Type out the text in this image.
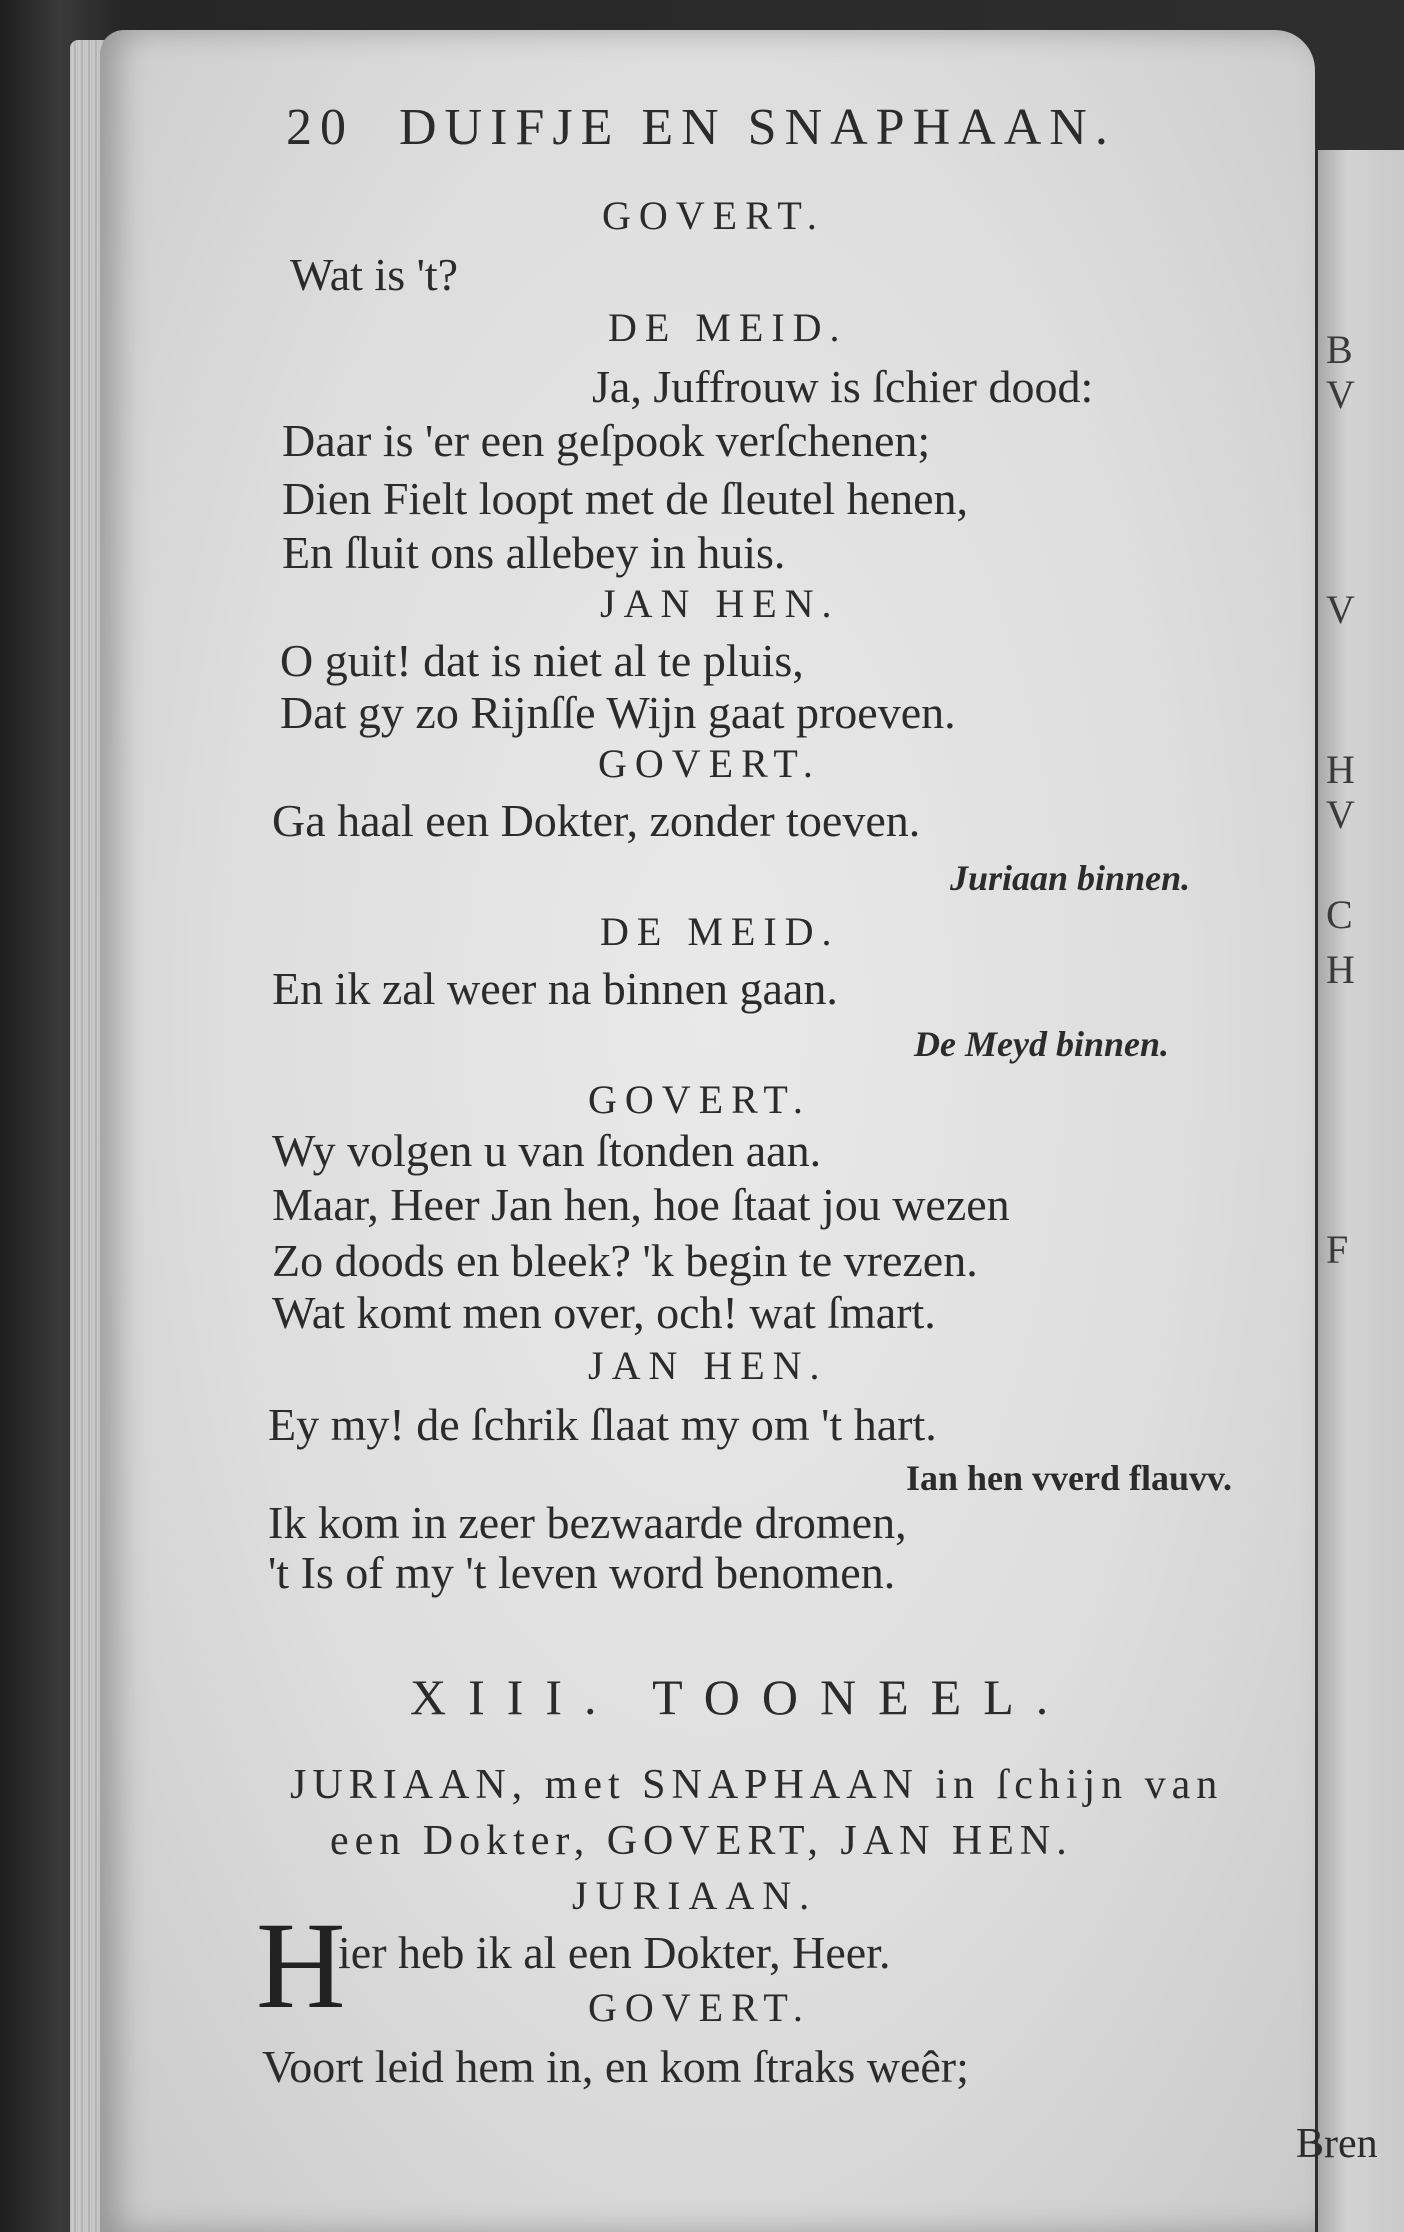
B
V
V
H
V
C
H
F
20 DUIFJE EN SNAPHAAN.
GOVERT.
Wat is 't?
DE MEID.
Ja, Juffrouw is ſchier dood:
Daar is 'er een geſpook verſchenen;
Dien Fielt loopt met de ſleutel henen,
En ſluit ons allebey in huis.
JAN HEN.
O guit! dat is niet al te pluis,
Dat gy zo Rijnſſe Wijn gaat proeven.
GOVERT.
Ga haal een Dokter, zonder toeven.
Juriaan binnen.
DE MEID.
En ik zal weer na binnen gaan.
De Meyd binnen.
GOVERT.
Wy volgen u van ſtonden aan.
Maar, Heer Jan hen, hoe ſtaat jou wezen
Zo doods en bleek? 'k begin te vrezen.
Wat komt men over, och! wat ſmart.
JAN HEN.
Ey my! de ſchrik ſlaat my om 't hart.
Ian hen vverd flauvv.
Ik kom in zeer bezwaarde dromen,
't Is of my 't leven word benomen.
XIII. TOONEEL.
JURIAAN, met SNAPHAAN in ſchijn van
een Dokter, GOVERT, JAN HEN.
JURIAAN.
H
ier heb ik al een Dokter, Heer.
GOVERT.
Voort leid hem in, en kom ſtraks weêr;
Bren
